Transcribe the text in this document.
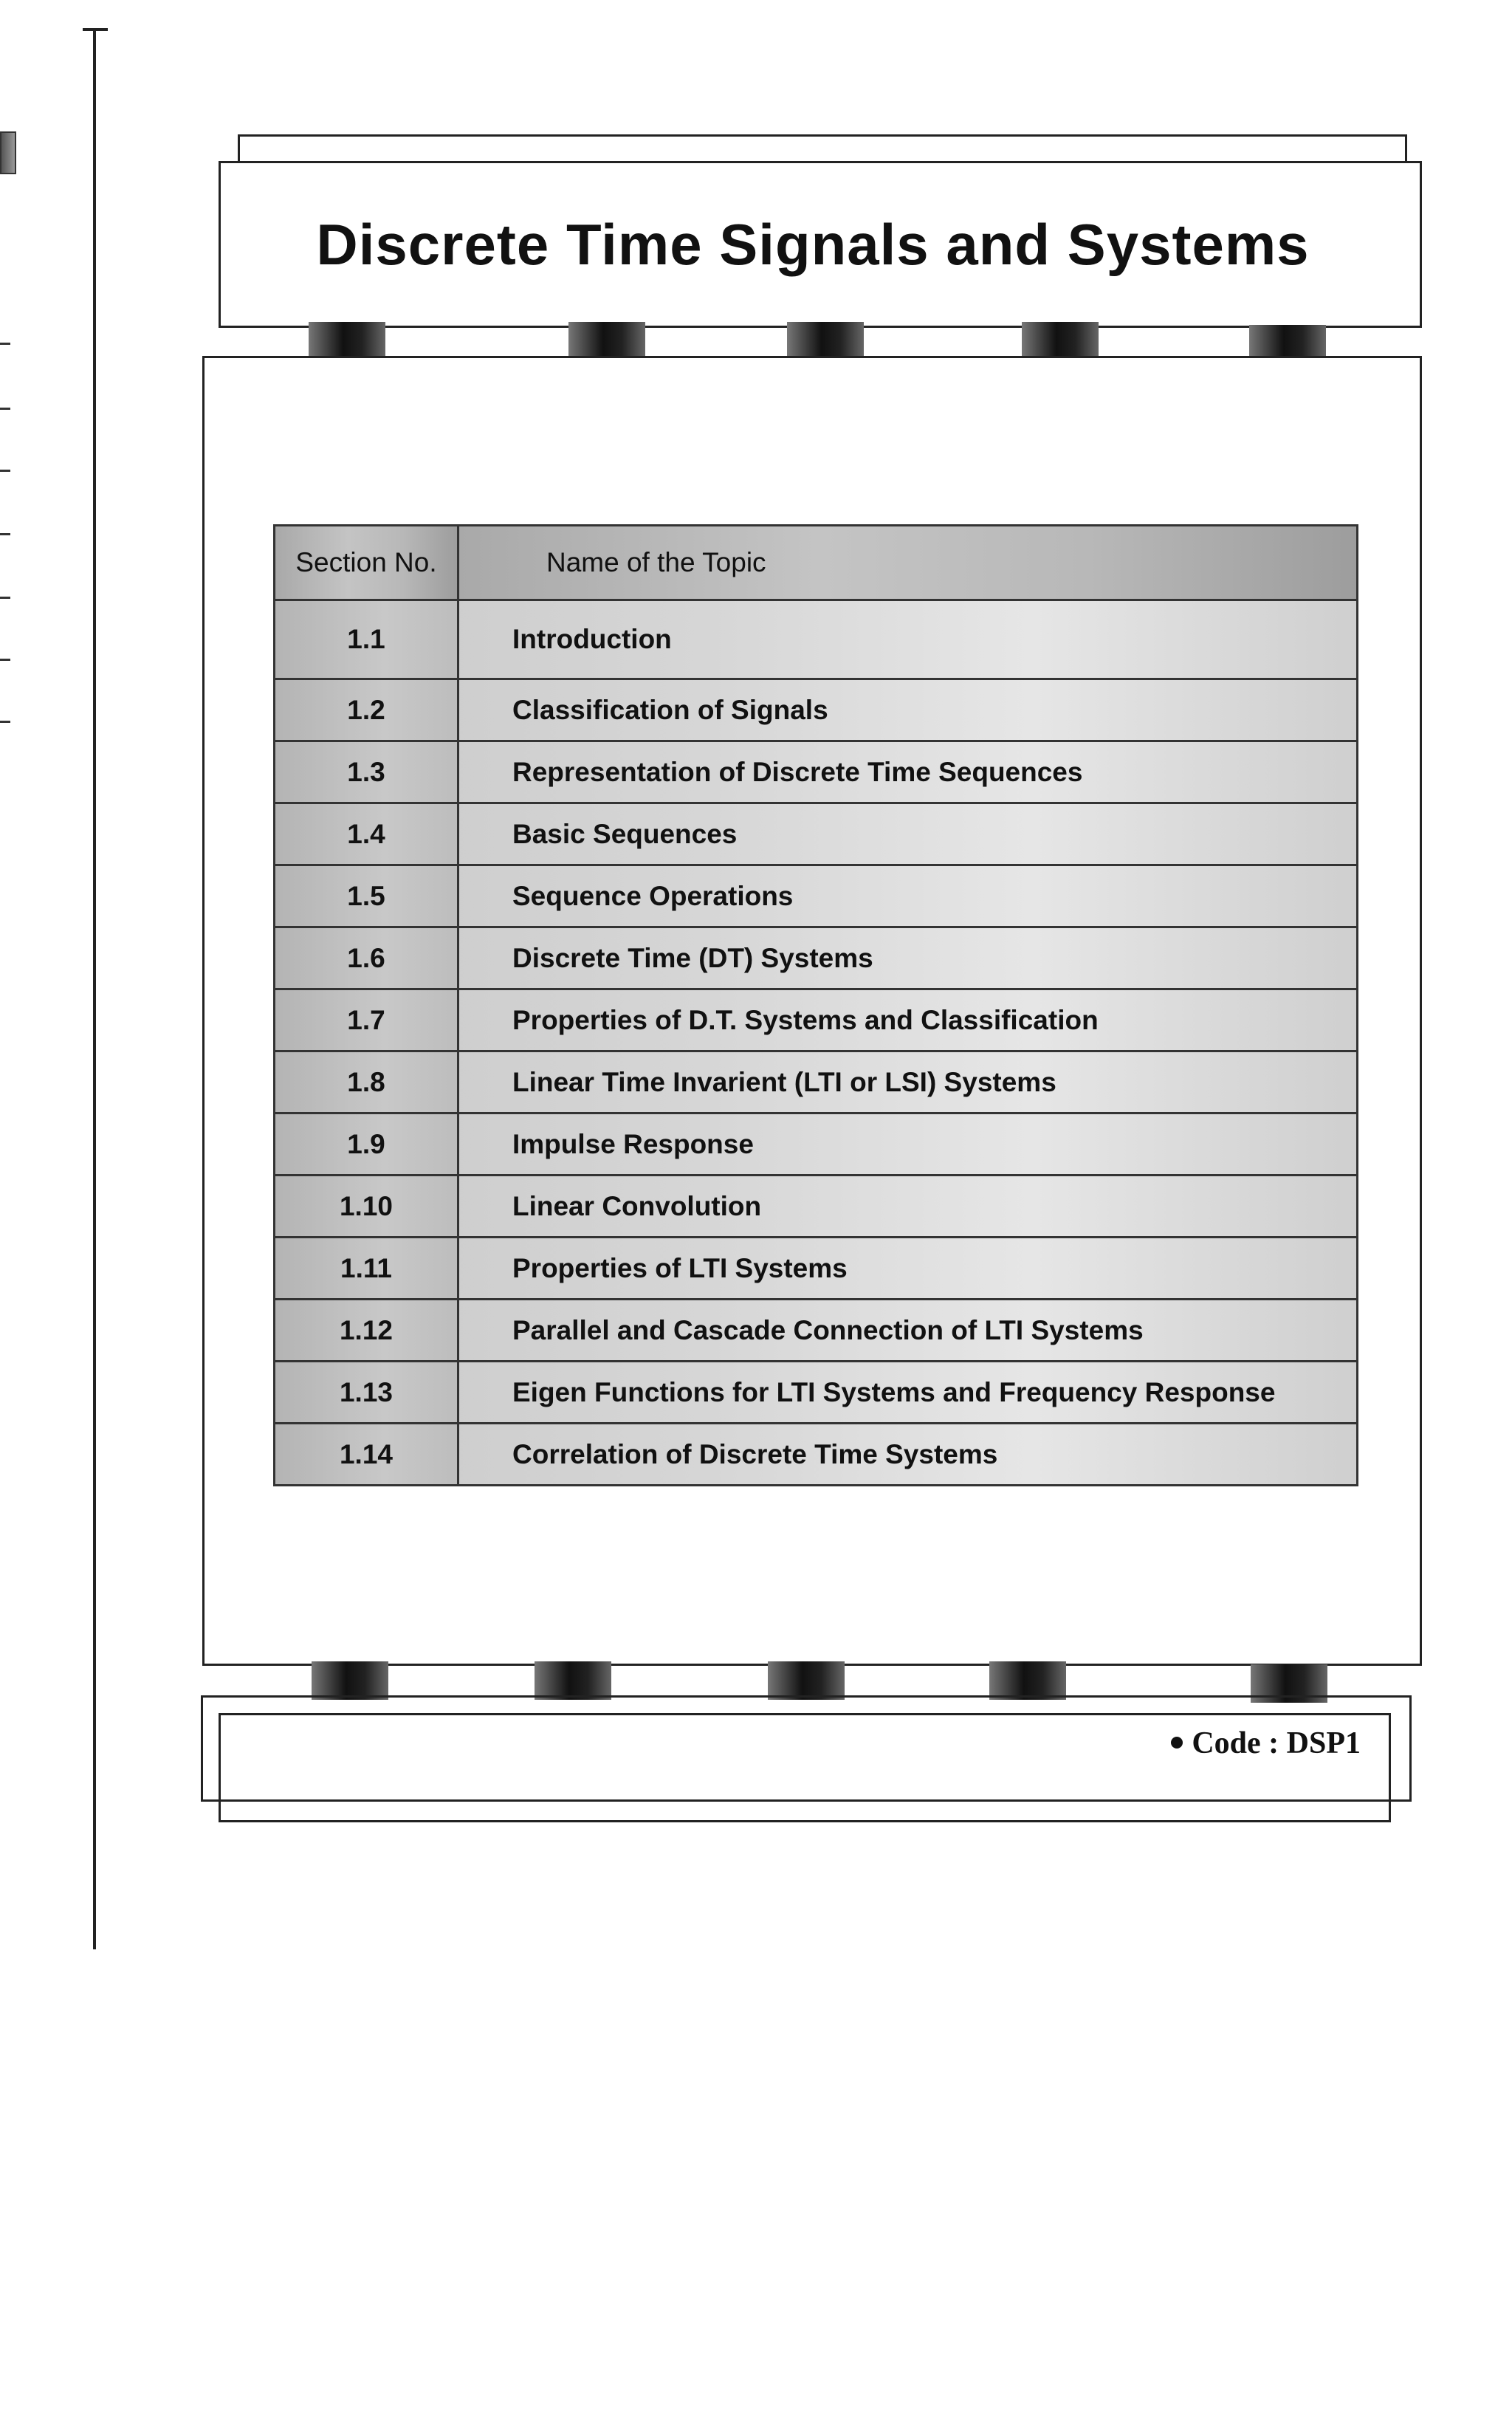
Discrete Time Signals and Systems
Section No.	Name of the Topic
1.1	Introduction
1.2	Classification of Signals
1.3	Representation of Discrete Time Sequences
1.4	Basic Sequences
1.5	Sequence Operations
1.6	Discrete Time (DT) Systems
1.7	Properties of D.T. Systems and Classification
1.8	Linear Time Invarient (LTI or LSI) Systems
1.9	Impulse Response
1.10	Linear Convolution
1.11	Properties of LTI Systems
1.12	Parallel and Cascade Connection of LTI Systems
1.13	Eigen Functions for LTI Systems and Frequency Response
1.14	Correlation of Discrete Time Systems
Code : DSP1
